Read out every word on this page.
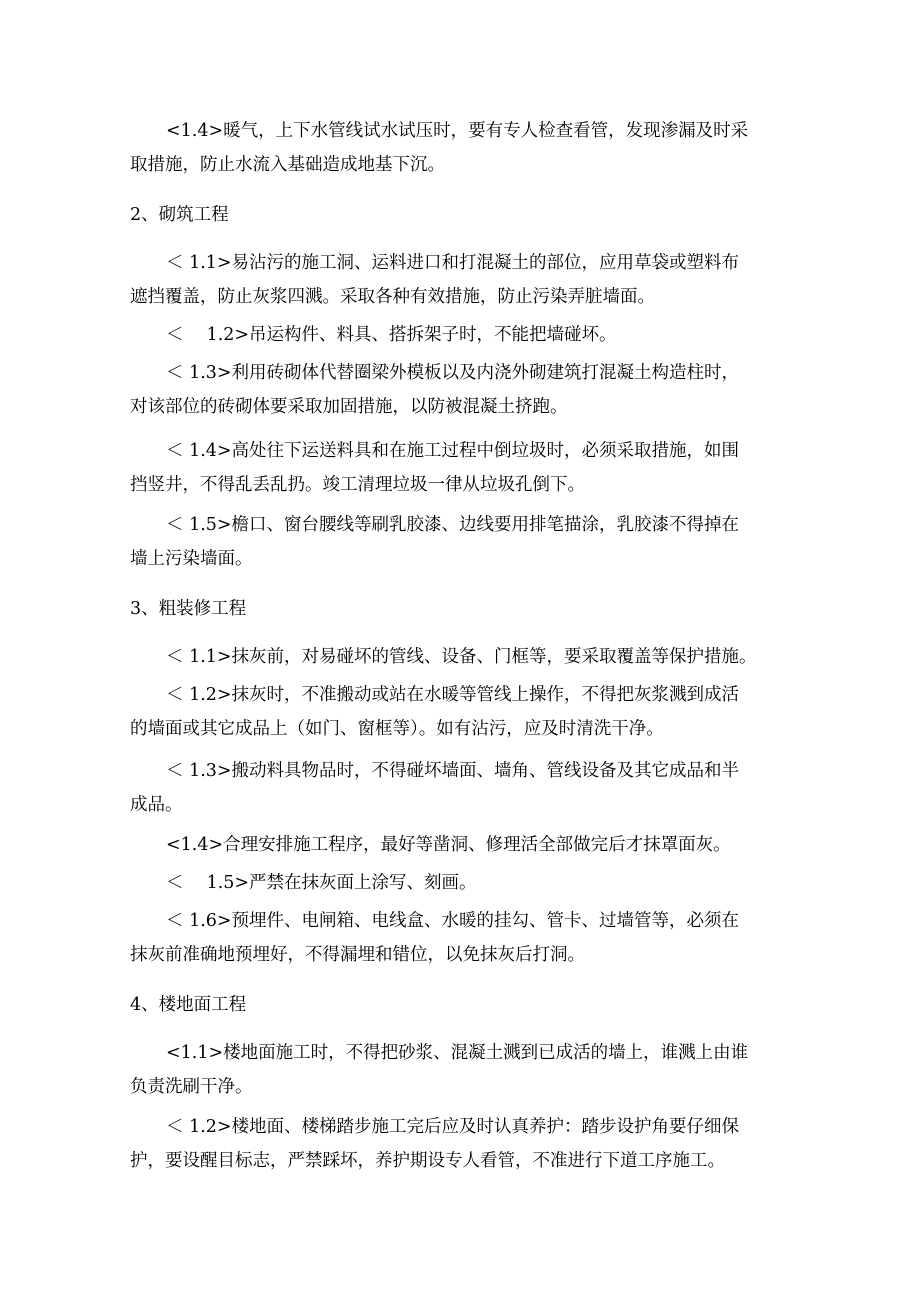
<1.4>暖气，上下水管线试水试压时，要有专人检查看管，发现渗漏及时采
取措施，防止水流入基础造成地基下沉。
2、砌筑工程
＜ 1.1>易沾污的施工洞、运料进口和打混凝土的部位，应用草袋或塑料布
遮挡覆盖，防止灰浆四溅。采取各种有效措施，防止污染弄脏墙面。
＜　 1.2>吊运构件、料具、搭拆架子时，不能把墙碰坏。
＜ 1.3>利用砖砌体代替圈梁外模板以及内浇外砌建筑打混凝土构造柱时，
对该部位的砖砌体要采取加固措施，以防被混凝土挤跑。
＜ 1.4>高处往下运送料具和在施工过程中倒垃圾时，必须采取措施，如围
挡竖井，不得乱丢乱扔。竣工清理垃圾一律从垃圾孔倒下。
＜ 1.5>檐口、窗台腰线等刷乳胶漆、边线要用排笔描涂，乳胶漆不得掉在
墙上污染墙面。
3、粗装修工程
＜ 1.1>抹灰前，对易碰坏的管线、设备、门框等，要采取覆盖等保护措施。
＜ 1.2>抹灰时，不准搬动或站在水暖等管线上操作，不得把灰浆溅到成活
的墙面或其它成品上（如门、窗框等）。如有沾污，应及时清洗干净。
＜ 1.3>搬动料具物品时，不得碰坏墙面、墙角、管线设备及其它成品和半
成品。
<1.4>合理安排施工程序，最好等凿洞、修理活全部做完后才抹罩面灰。
＜　 1.5>严禁在抹灰面上涂写、刻画。
＜ 1.6>预埋件、电闸箱、电线盒、水暖的挂勾、管卡、过墙管等，必须在
抹灰前准确地预埋好，不得漏埋和错位，以免抹灰后打洞。
4、楼地面工程
<1.1>楼地面施工时，不得把砂浆、混凝土溅到已成活的墙上，谁溅上由谁
负责洗刷干净。
＜ 1.2>楼地面、楼梯踏步施工完后应及时认真养护：踏步设护角要仔细保
护，要设醒目标志，严禁踩坏，养护期设专人看管，不准进行下道工序施工。
